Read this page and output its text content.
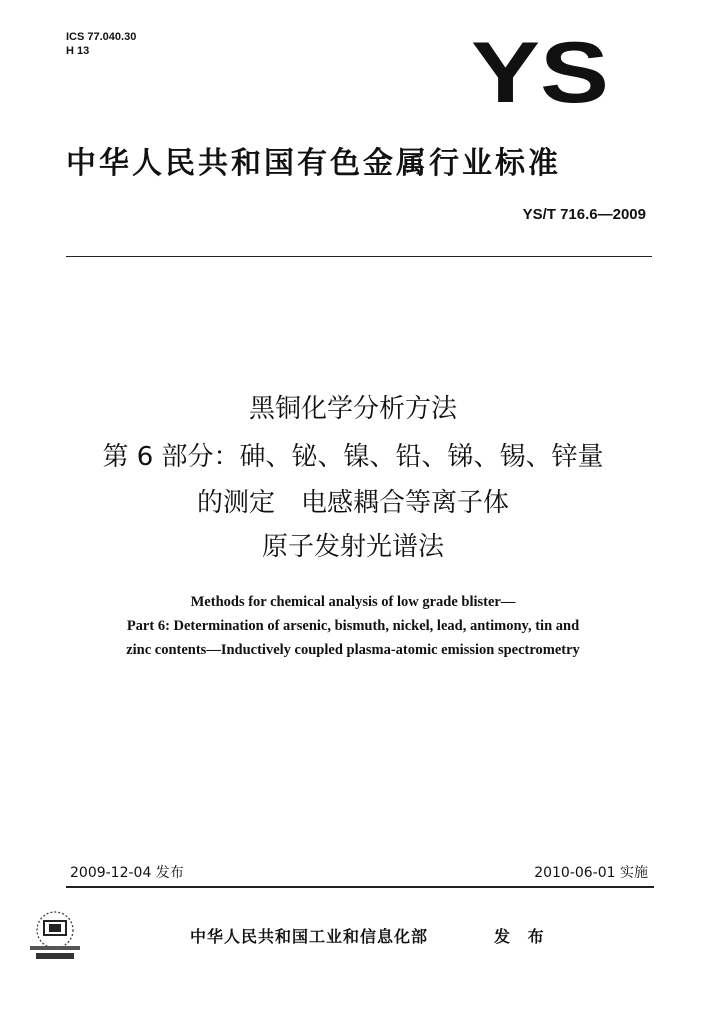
ICS 77.040.30
H 13	YS
中华人民共和国有色金属行业标准
YS/T 716.6—2009
黑铜化学分析方法
第 6 部分：砷、铋、镍、铅、锑、锡、锌量
的测定　电感耦合等离子体
原子发射光谱法
Methods for chemical analysis of low grade blister—
Part 6: Determination of arsenic, bismuth, nickel, lead, antimony, tin and
zinc contents—Inductively coupled plasma-atomic emission spectrometry
2009-12-04 发布	2010-06-01 实施
中华人民共和国工业和信息化部	发 布
